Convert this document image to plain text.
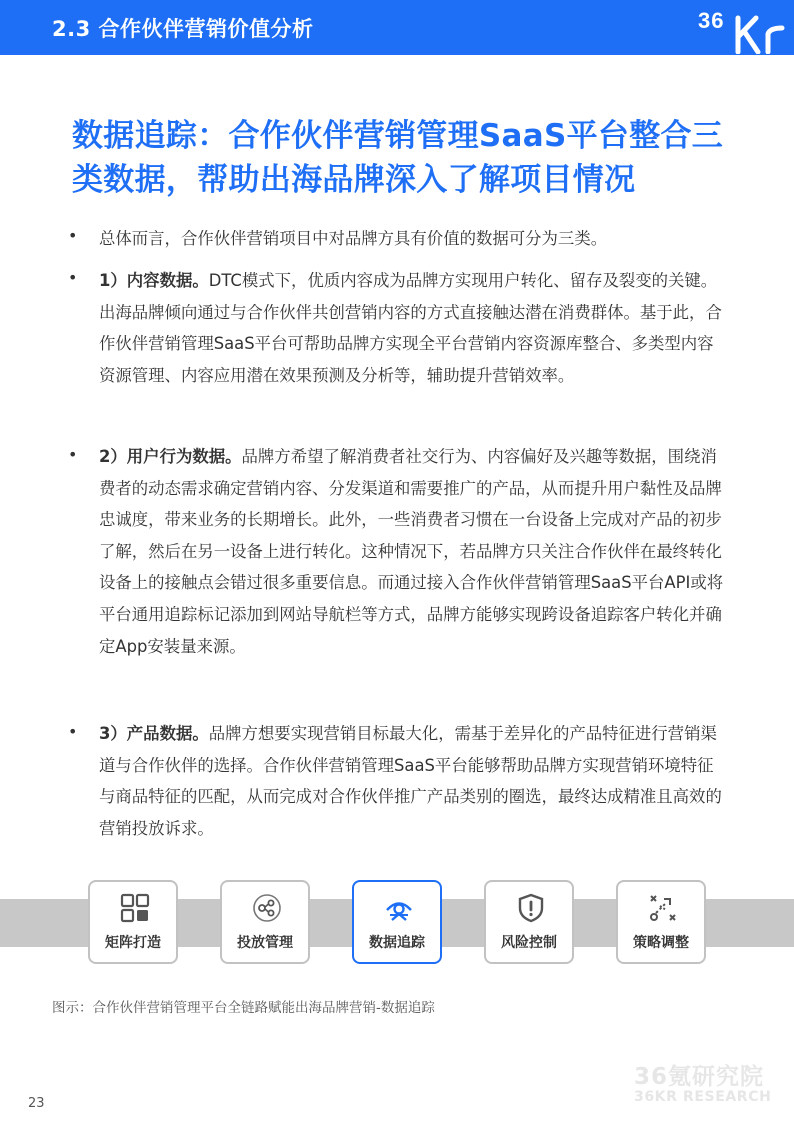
2.3 合作伙伴营销价值分析	36
数据追踪：合作伙伴营销管理SaaS平台整合三类数据，帮助出海品牌深入了解项目情况
• 总体而言，合作伙伴营销项目中对品牌方具有价值的数据可分为三类。
• 1）内容数据。DTC模式下，优质内容成为品牌方实现用户转化、留存及裂变的关键。出海品牌倾向通过与合作伙伴共创营销内容的方式直接触达潜在消费群体。基于此，合作伙伴营销管理SaaS平台可帮助品牌方实现全平台营销内容资源库整合、多类型内容资源管理、内容应用潜在效果预测及分析等，辅助提升营销效率。
• 2）用户行为数据。品牌方希望了解消费者社交行为、内容偏好及兴趣等数据，围绕消费者的动态需求确定营销内容、分发渠道和需要推广的产品，从而提升用户黏性及品牌忠诚度，带来业务的长期增长。此外，一些消费者习惯在一台设备上完成对产品的初步了解，然后在另一设备上进行转化。这种情况下，若品牌方只关注合作伙伴在最终转化设备上的接触点会错过很多重要信息。而通过接入合作伙伴营销管理SaaS平台API或将平台通用追踪标记添加到网站导航栏等方式，品牌方能够实现跨设备追踪客户转化并确定App安装量来源。
• 3）产品数据。品牌方想要实现营销目标最大化，需基于差异化的产品特征进行营销渠道与合作伙伴的选择。合作伙伴营销管理SaaS平台能够帮助品牌方实现营销环境特征与商品特征的匹配，从而完成对合作伙伴推广产品类别的圈选，最终达成精准且高效的营销投放诉求。
矩阵打造	投放管理	数据追踪	风险控制	策略调整
图示：合作伙伴营销管理平台全链路赋能出海品牌营销-数据追踪
36氪研究院
36KR RESEARCH
23
